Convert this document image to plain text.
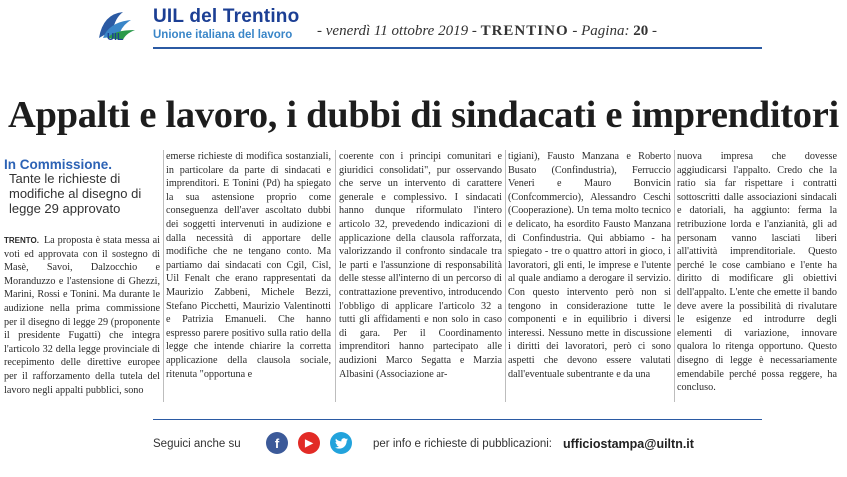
UIL
UIL del Trentino
Unione italiana del lavoro - venerdì 11 ottobre 2019 - TRENTINO - Pagina: 20 -
Appalti e lavoro, i dubbi di sindacati e imprenditori
In Commissione.
Tante le richieste di modifiche al disegno di legge 29 approvato
TRENTO. La proposta è stata messa ai voti ed approvata con il sostegno di Masè, Savoi, Dalzocchio e Moranduzzo e l'astensione di Ghezzi, Marini, Rossi e Tonini. Ma durante le audizione nella prima commissione per il disegno di legge 29 (proponente il presidente Fugatti) che integra l'articolo 32 della legge provinciale di recepimento delle direttive europee per il rafforzamento della tutela del lavoro negli appalti pubblici, sono
emerse richieste di modifica sostanziali, in particolare da parte di sindacati e imprenditori. E Tonini (Pd) ha spiegato la sua astensione proprio come conseguenza dell'aver ascoltato dubbi dei soggetti intervenuti in audizione e dalla necessità di apportare delle modifiche che ne tengano conto. Ma partiamo dai sindacati con Cgil, Cisl, Uil Fenalt che erano rappresentati da Maurizio Zabbeni, Michele Bezzi, Stefano Picchetti, Maurizio Valentinotti e Patrizia Emanueli. Che hanno espresso parere positivo sulla ratio della legge che intende chiarire la corretta applicazione della clausola sociale, ritenuta "opportuna e
coerente con i principi comunitari e giuridici consolidati", pur osservando che serve un intervento di carattere generale e complessivo. I sindacati hanno dunque riformulato l'intero articolo 32, prevedendo indicazioni di applicazione della clausola rafforzata, valorizzando il confronto sindacale tra le parti e l'assunzione di responsabilità delle stesse all'interno di un percorso di contrattazione preventivo, introducendo l'obbligo di applicare l'articolo 32 a tutti gli affidamenti e non solo in caso di gara. Per il Coordinamento imprenditori hanno partecipato alle audizioni Marco Segatta e Marzia Albasini (Associazione ar-
tigiani), Fausto Manzana e Roberto Busato (Confindustria), Ferruccio Veneri e Mauro Bonvicin (Confcommercio), Alessandro Ceschi (Cooperazione). Un tema molto tecnico e delicato, ha esordito Fausto Manzana di Confindustria. Qui abbiamo - ha spiegato - tre o quattro attori in gioco, i lavoratori, gli enti, le imprese e l'utente al quale andiamo a derogare il servizio. Con questo intervento però non si tengono in considerazione tutte le componenti e in equilibrio i diversi interessi. Nessuno mette in discussione i diritti dei lavoratori, però ci sono aspetti che devono essere valutati dall'eventuale subentrante e da una
nuova impresa che dovesse aggiudicarsi l'appalto. Credo che la ratio sia far rispettare i contratti sottoscritti dalle associazioni sindacali e datoriali, ha aggiunto: ferma la retribuzione lorda e l'anzianità, gli ad personam vanno lasciati liberi all'attività imprenditoriale. Questo perché le cose cambiano e l'ente ha diritto di modificare gli obiettivi dell'appalto. L'ente che emette il bando deve avere la possibilità di rivalutare le esigenze ed introdurre degli elementi di variazione, innovare qualora lo ritenga opportuno. Questo disegno di legge è necessariamente emendabile perché possa reggere, ha concluso.
Seguici anche su	f	▶	per info e richieste di pubblicazioni: ufficiostampa@uiltn.it
